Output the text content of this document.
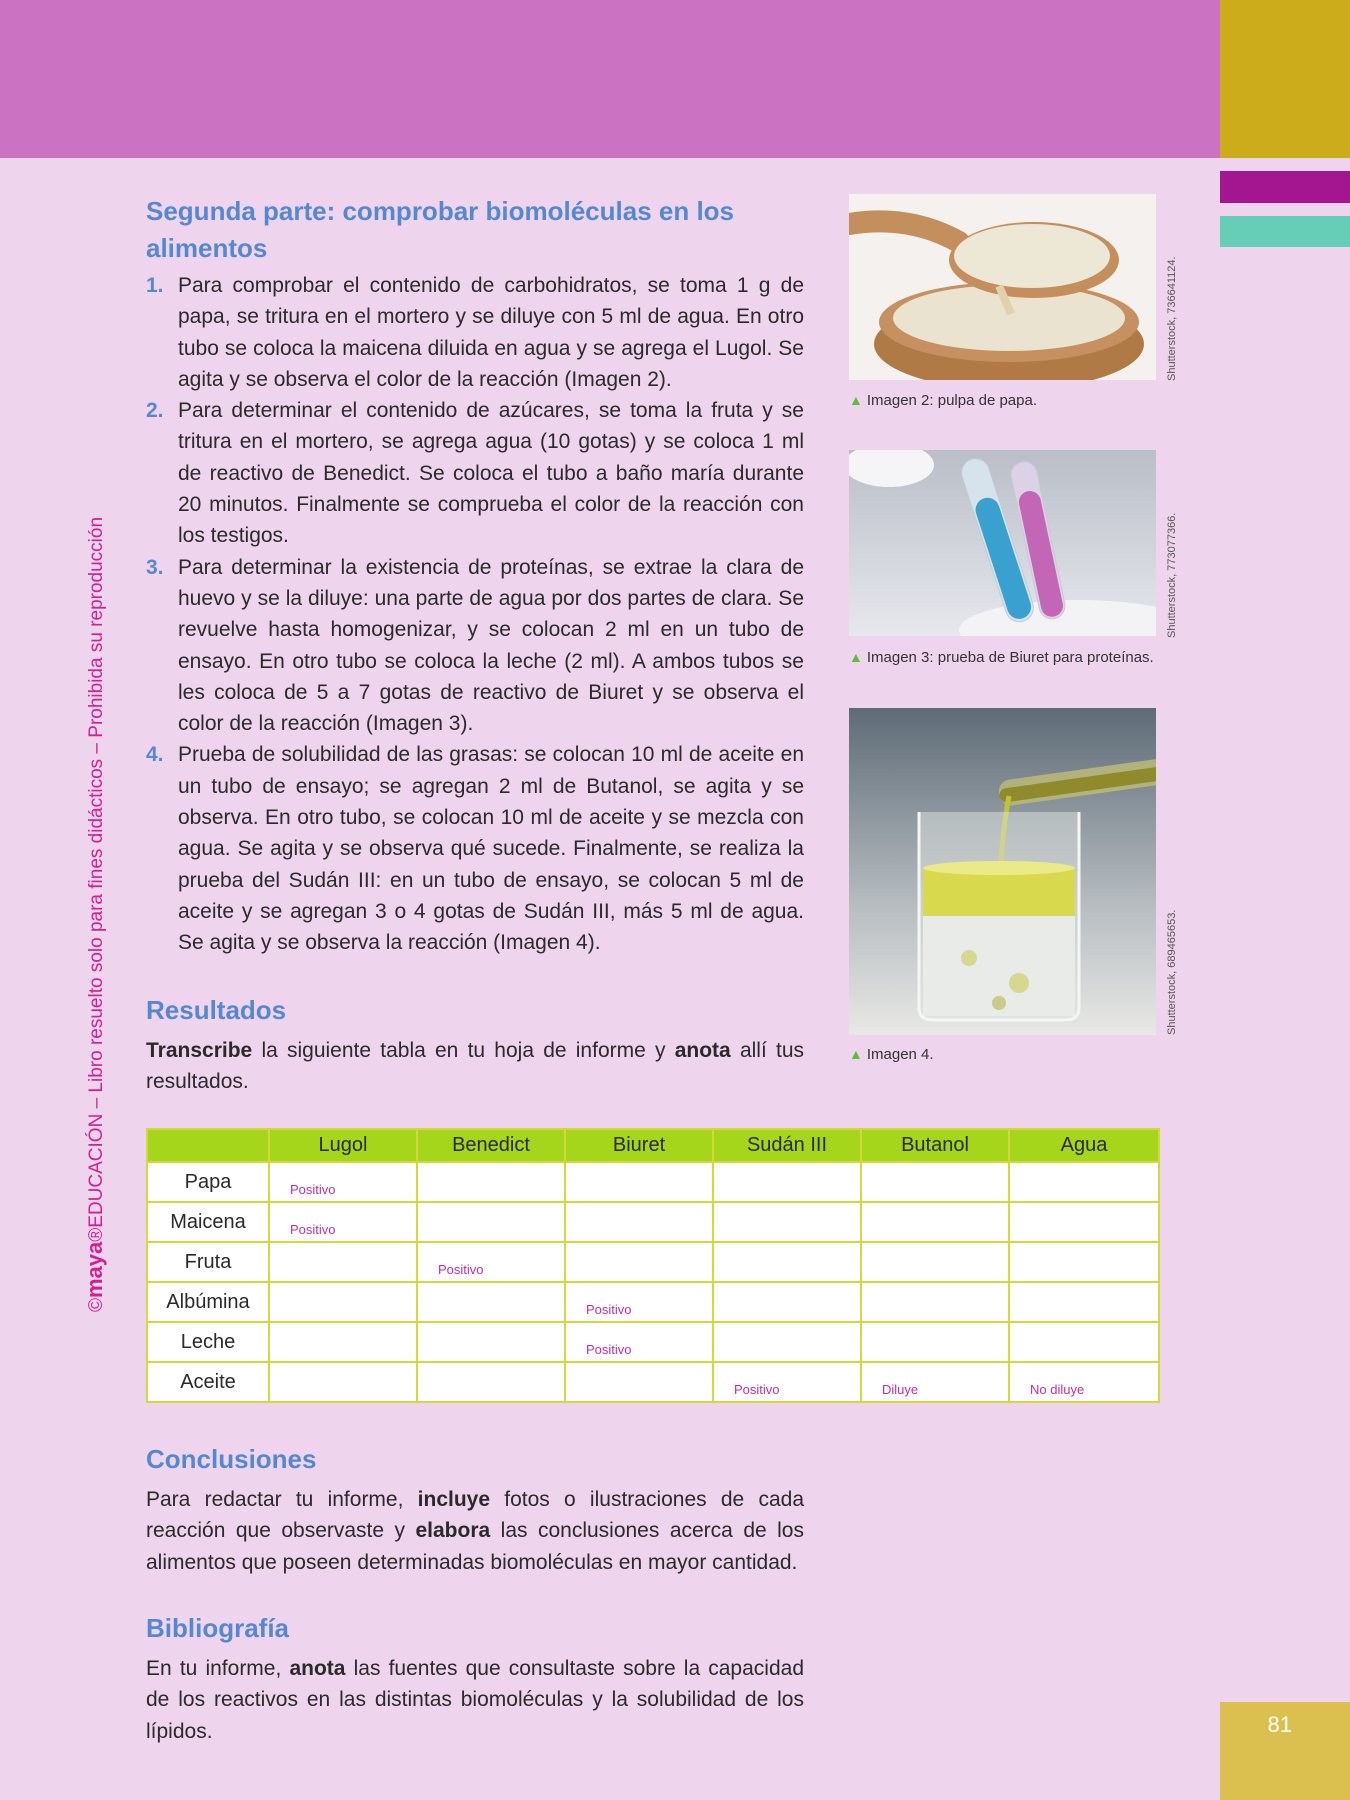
81
©maya®EDUCACIÓN – Libro resuelto solo para fines didácticos – Prohibida su reproducción
Segunda parte: comprobar biomoléculas en los alimentos
1. Para comprobar el contenido de carbohidratos, se toma 1 g de papa, se tritura en el mortero y se diluye con 5 ml de agua. En otro tubo se coloca la maicena diluida en agua y se agrega el Lugol. Se agita y se observa el color de la reacción (Imagen 2).
2. Para determinar el contenido de azúcares, se toma la fruta y se tritura en el mortero, se agrega agua (10 gotas) y se coloca 1 ml de reactivo de Benedict. Se coloca el tubo a baño maría durante 20 minutos. Finalmente se comprueba el color de la reacción con los testigos.
3. Para determinar la existencia de proteínas, se extrae la clara de huevo y se la diluye: una parte de agua por dos partes de clara. Se revuelve hasta homogenizar, y se colocan 2 ml en un tubo de ensayo. En otro tubo se coloca la leche (2 ml). A ambos tubos se les coloca de 5 a 7 gotas de reactivo de Biuret y se observa el color de la reacción (Imagen 3).
4. Prueba de solubilidad de las grasas: se colocan 10 ml de aceite en un tubo de ensayo; se agregan 2 ml de Butanol, se agita y se observa. En otro tubo, se colocan 10 ml de aceite y se mezcla con agua. Se agita y se observa qué sucede. Finalmente, se realiza la prueba del Sudán III: en un tubo de ensayo, se colocan 5 ml de aceite y se agregan 3 o 4 gotas de Sudán III, más 5 ml de agua. Se agita y se observa la reacción (Imagen 4).
▲ Imagen 2: pulpa de papa.
Shutterstock, 736641124.
▲ Imagen 3: prueba de Biuret para proteínas.
Shutterstock, 773077366.
▲ Imagen 4.
Shutterstock, 689465653.
Resultados
Transcribe la siguiente tabla en tu hoja de informe y anota allí tus resultados.
	Lugol	Benedict	Biuret	Sudán III	Butanol	Agua
Papa	Positivo					
Maicena	Positivo					
Fruta		Positivo				
Albúmina			Positivo			
Leche			Positivo			
Aceite				Positivo	Diluye	No diluye
Conclusiones
Para redactar tu informe, incluye fotos o ilustraciones de cada reacción que observaste y elabora las conclusiones acerca de los alimentos que poseen determinadas biomoléculas en mayor cantidad.
Bibliografía
En tu informe, anota las fuentes que consultaste sobre la capacidad de los reactivos en las distintas biomoléculas y la solubilidad de los lípidos.
